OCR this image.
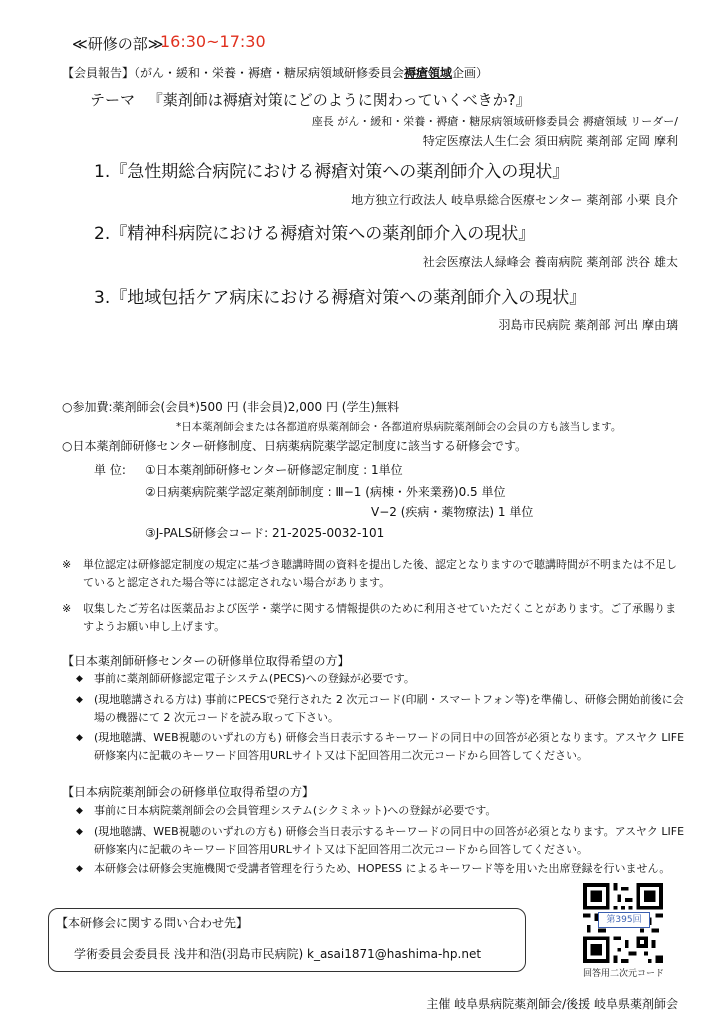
≪研修の部≫
16:30~17:30
【会員報告】（がん・緩和・栄養・褥瘡・糖尿病領域研修委員会褥瘡領域企画）
テーマ 『薬剤師は褥瘡対策にどのように関わっていくべきか?』
座長 がん・緩和・栄養・褥瘡・糖尿病領域研修委員会 褥瘡領域 リーダー/
特定医療法人生仁会 須田病院 薬剤部 定岡 摩利
1.『急性期総合病院における褥瘡対策への薬剤師介入の現状』
地方独立行政法人 岐阜県総合医療センター 薬剤部 小栗 良介
2.『精神科病院における褥瘡対策への薬剤師介入の現状』
社会医療法人緑峰会 養南病院 薬剤部 渋谷 雄太
3.『地域包括ケア病床における褥瘡対策への薬剤師介入の現状』
羽島市民病院 薬剤部 河出 摩由璃
○参加費:薬剤師会(会員*)500 円 (非会員)2,000 円 (学生)無料
*日本薬剤師会または各都道府県薬剤師会・各都道府県病院薬剤師会の会員の方も該当します。
○日本薬剤師研修センター研修制度、日病薬病院薬学認定制度に該当する研修会です。
単 位: ①日本薬剤師研修センター研修認定制度 : 1単位
②日病薬病院薬学認定薬剤師制度 : Ⅲ−1 (病棟・外来業務)0.5 単位
Ⅴ−2 (疾病・薬物療法) 1 単位
③J-PALS研修会コード: 21-2025-0032-101
※ 単位認定は研修認定制度の規定に基づき聴講時間の資料を提出した後、認定となりますので聴講時間が不明または不足していると認定された場合等には認定されない場合があります。
※ 収集したご芳名は医薬品および医学・薬学に関する情報提供のために利用させていただくことがあります。ご了承賜りますようお願い申し上げます。
【日本薬剤師研修センターの研修単位取得希望の方】
◆ 事前に薬剤師研修認定電子システム(PECS)への登録が必要です。
◆ (現地聴講される方は) 事前にPECSで発行された 2 次元コード(印刷・スマートフォン等)を準備し、研修会開始前後に会場の機器にて 2 次元コードを読み取って下さい。
◆ (現地聴講、WEB視聴のいずれの方も) 研修会当日表示するキーワードの同日中の回答が必須となります。アスヤク LIFE 研修案内に記載のキーワード回答用URLサイト又は下記回答用二次元コードから回答してください。
【日本病院薬剤師会の研修単位取得希望の方】
◆ 事前に日本病院薬剤師会の会員管理システム(シクミネット)への登録が必要です。
◆ (現地聴講、WEB視聴のいずれの方も) 研修会当日表示するキーワードの同日中の回答が必須となります。アスヤク LIFE 研修案内に記載のキーワード回答用URLサイト又は下記回答用二次元コードから回答してください。
◆ 本研修会は研修会実施機関で受講者管理を行うため、HOPESS によるキーワード等を用いた出席登録を行いません。
【本研修会に関する問い合わせ先】
学術委員会委員長 浅井和浩(羽島市民病院) k_asai1871@hashima-hp.net
第395回
回答用二次元コード
主催 岐阜県病院薬剤師会/後援 岐阜県薬剤師会
